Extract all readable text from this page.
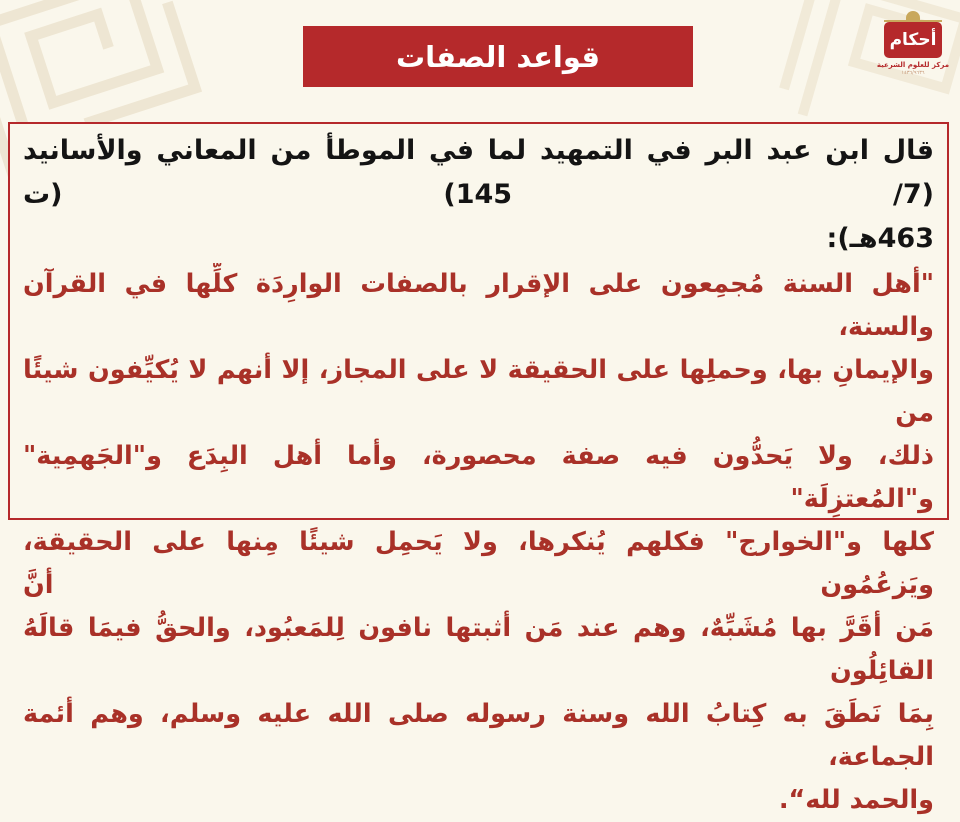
قواعد الصفات	أحكام
مركز للعلوم الشرعية
١٤٣٦/٩٦٣٦
قال ابن عبد البر في التمهيد لما في الموطأ من المعاني والأسانيد (7/ 145) (ت
463هـ):
"أهل السنة مُجمِعون على الإقرار بالصفات الوارِدَة كلِّها في القرآن والسنة،
والإيمانِ بها، وحملِها على الحقيقة لا على المجاز، إلا أنهم لا يُكيِّفون شيئًا من
ذلك، ولا يَحدُّون فيه صفة محصورة، وأما أهل البِدَع و"الجَهمِية" و"المُعتزِلَة"
كلها و"الخوارج" فكلهم يُنكرها، ولا يَحمِل شيئًا مِنها على الحقيقة، ويَزعُمُون أنَّ
مَن أقَرَّ بها مُشَبِّهٌ، وهم عند مَن أثبتها نافون لِلمَعبُود، والحقُّ فيمَا قالَهُ القائِلُون
بِمَا نَطَقَ به كِتابُ الله وسنة رسوله صلى الله عليه وسلم، وهم أئمة الجماعة،
والحمد لله“.
